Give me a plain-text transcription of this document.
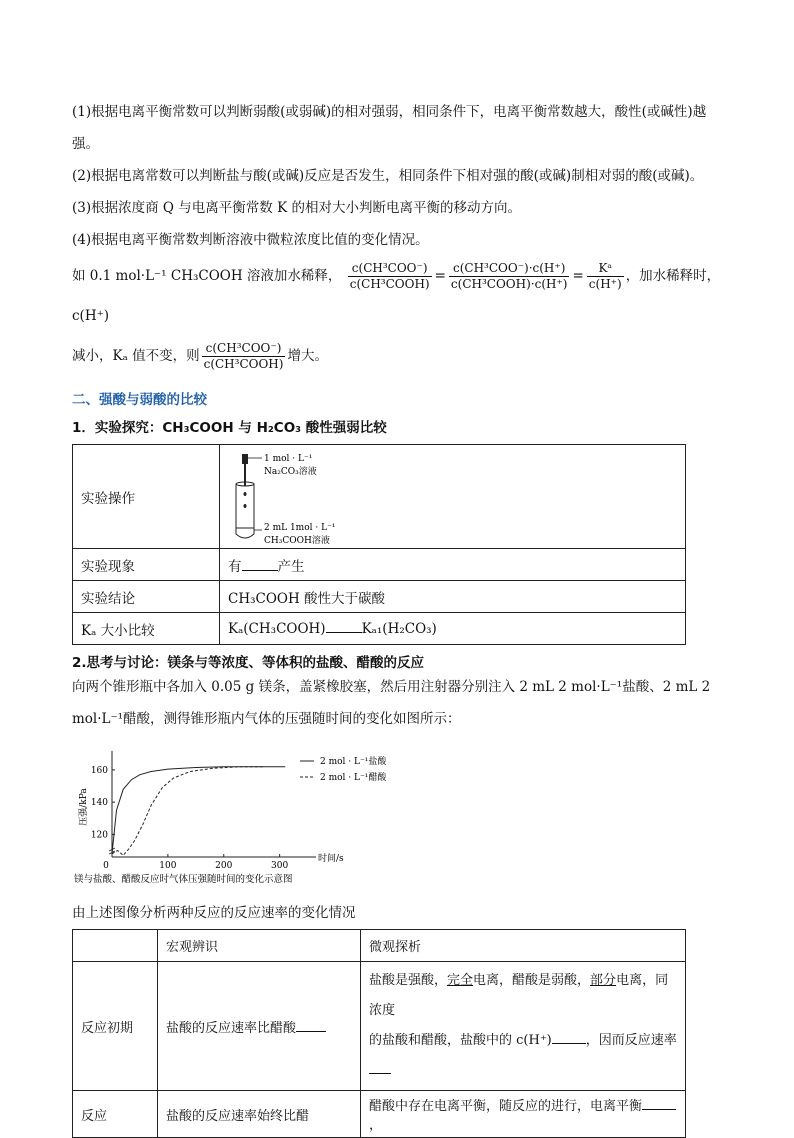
(1)根据电离平衡常数可以判断弱酸(或弱碱)的相对强弱，相同条件下，电离平衡常数越大，酸性(或碱性)越强。

(2)根据电离常数可以判断盐与酸(或碱)反应是否发生，相同条件下相对强的酸(或碱)制相对弱的酸(或碱)。

(3)根据浓度商 Q 与电离平衡常数 K 的相对大小判断电离平衡的移动方向。

(4)根据电离平衡常数判断溶液中微粒浓度比值的变化情况。

如 0.1 mol·L⁻¹ CH₃COOH 溶液加水稀释， $\frac{\text{c(CH³COO⁻)}}{\text{c(CH³COOH)}} = \frac{\text{c(CH³COO⁻)·c(H⁺)}}{\text{c(CH³COOH)·c(H⁺)}} = \frac{\text{Kᵃ}}{c(H^+)}$ ，加水稀释时，c(H⁺)

减小，Kₐ 值不变，则 $\frac{\text{c(CH³COO⁻)}}{\text{c(CH³COOH)}}$ 增大。

二、强酸与弱酸的比较
1．实验探究：CH₃COOH 与 H₂CO₃ 酸性强弱比较
实验操作	1 mol · L⁻¹
Na₂CO₃溶液
2 mL 1mol · L⁻¹
CH₃COOH溶液

实验现象	有 产生
实验结论	CH₃COOH 酸性大于碳酸
Kₐ 大小比较	Kₐ(CH₃COOH) Kₐ₁(H₂CO₃)
2.思考与讨论：镁条与等浓度、等体积的盐酸、醋酸的反应

向两个锥形瓶中各加入 0.05 g 镁条，盖紧橡胶塞，然后用注射器分别注入 2 mL 2 mol·L⁻¹盐酸、2 mL 2 mol·L⁻¹醋酸，测得锥形瓶内气体的压强随时间的变化如图所示：

120
140
160
0	100	200	300
时间/s
压强/kPa
2 mol · L⁻¹盐酸
2 mol · L⁻¹醋酸
镁与盐酸、醋酸反应时气体压强随时间的变化示意图

由上述图像分析两种反应的反应速率的变化情况

	宏观辨识	微观探析
反应初期	盐酸的反应速率比醋酸	盐酸是强酸，完全电离，醋酸是弱酸，部分电离，同浓度
的盐酸和醋酸，盐酸中的 c(H⁺) ，因而反应速率
反应	盐酸的反应速率始终比醋	醋酸中存在电离平衡，随反应的进行，电离平衡，
